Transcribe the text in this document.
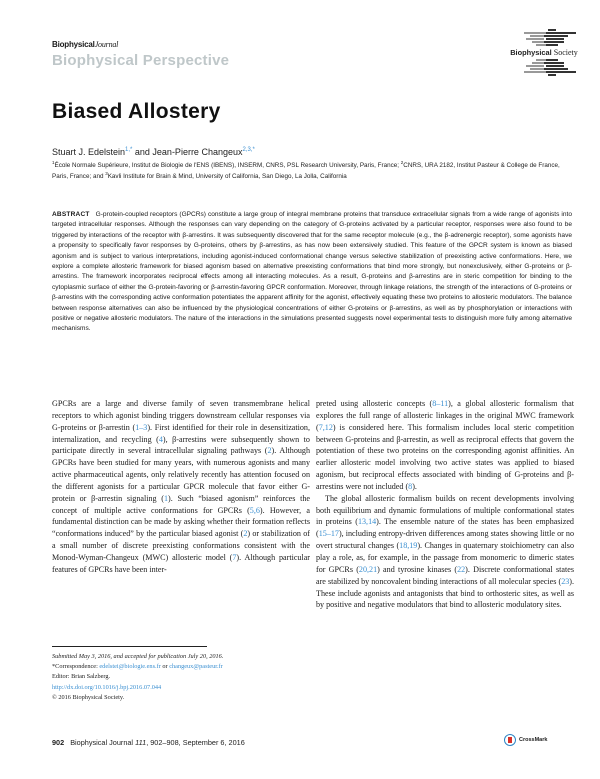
BiophysicalJournal
Biophysical Perspective	Biophysical Society
Biased Allostery
Stuart J. Edelstein$^{1,*}$ and Jean-Pierre Changeux$^{2,3,*}$
$^1$École Normale Supérieure, Institut de Biologie de l'ENS (IBENS), INSERM, CNRS, PSL Research University, Paris, France; $^2$CNRS, URA 2182, Institut Pasteur & College de France, Paris, France; and $^3$Kavli Institute for Brain & Mind, University of California, San Diego, La Jolla, California
ABSTRACT G-protein-coupled receptors (GPCRs) constitute a large group of integral membrane proteins that transduce extracellular signals from a wide range of agonists into targeted intracellular responses. Although the responses can vary depending on the category of G-proteins activated by a particular receptor, responses were also found to be triggered by interactions of the receptor with β-arrestins. It was subsequently discovered that for the same receptor molecule (e.g., the β-adrenergic receptor), some agonists have a propensity to specifically favor responses by G-proteins, others by β-arrestins, as has now been extensively studied. This feature of the GPCR system is known as biased agonism and is subject to various interpretations, including agonist-induced conformational change versus selective stabilization of preexisting active conformations. Here, we explore a complete allosteric framework for biased agonism based on alternative preexisting conformations that bind more strongly, but nonexclusively, either G-proteins or β-arrestins. The framework incorporates reciprocal effects among all interacting molecules. As a result, G-proteins and β-arrestins are in steric competition for binding to the cytoplasmic surface of either the G-protein-favoring or β-arrestin-favoring GPCR conformation. Moreover, through linkage relations, the strength of the interactions of G-proteins or β-arrestins with the corresponding active conformation potentiates the apparent affinity for the agonist, effectively equating these two proteins to allosteric modulators. The balance between response alternatives can also be influenced by the physiological concentrations of either G-proteins or β-arrestins, as well as by phosphorylation or interactions with positive or negative allosteric modulators. The nature of the interactions in the simulations presented suggests novel experimental tests to distinguish more fully among alternative mechanisms.

GPCRs are a large and diverse family of seven transmembrane helical receptors to which agonist binding triggers downstream cellular responses via G-proteins or β-arrestin (1–3). First identified for their role in desensitization, internalization, and recycling (4), β-arrestins were subsequently shown to participate directly in several intracellular signaling pathways (2). Although GPCRs have been studied for many years, with numerous agonists and many active pharmaceutical agents, only relatively recently has attention focused on the different agonists for a particular GPCR molecule that favor either G-protein or β-arrestin signaling (1). Such “biased agonism” reinforces the concept of multiple active conformations for GPCRs (5,6). However, a fundamental distinction can be made by asking whether their formation reflects “conformations induced” by the particular biased agonist (2) or stabilization of a small number of discrete preexisting conformations consistent with the Monod-Wyman-Changeux (MWC) allosteric model (7). Although particular features of GPCRs have been inter-

preted using allosteric concepts (8–11), a global allosteric formalism that explores the full range of allosteric linkages in the original MWC framework (7,12) is considered here. This formalism includes local steric competition between G-proteins and β-arrestin, as well as reciprocal effects that govern the potentiation of these two proteins on the corresponding agonist affinities. An earlier allosteric model involving two active states was applied to biased agonism, but reciprocal effects associated with binding of G-proteins and β-arrestins were not included (8).

The global allosteric formalism builds on recent developments involving both equilibrium and dynamic formulations of multiple conformational states in proteins (13,14). The ensemble nature of the states has been emphasized (15–17), including entropy-driven differences among states showing little or no overt structural changes (18,19). Changes in quaternary stoichiometry can also play a role, as, for example, in the passage from monomeric to dimeric states for GPCRs (20,21) and tyrosine kinases (22). Discrete conformational states are stabilized by noncovalent binding interactions of all molecular species (23). These include agonists and antagonists that bind to orthosteric sites, as well as by positive and negative modulators that bind to allosteric modulatory sites.

Submitted May 3, 2016, and accepted for publication July 20, 2016.
*Correspondence: edelstei@biologie.ens.fr or changeux@pasteur.fr
Editor: Brian Salzberg.
http://dx.doi.org/10.1016/j.bpj.2016.07.044
© 2016 Biophysical Society.
902 Biophysical Journal 111, 902–908, September 6, 2016	CrossMark
